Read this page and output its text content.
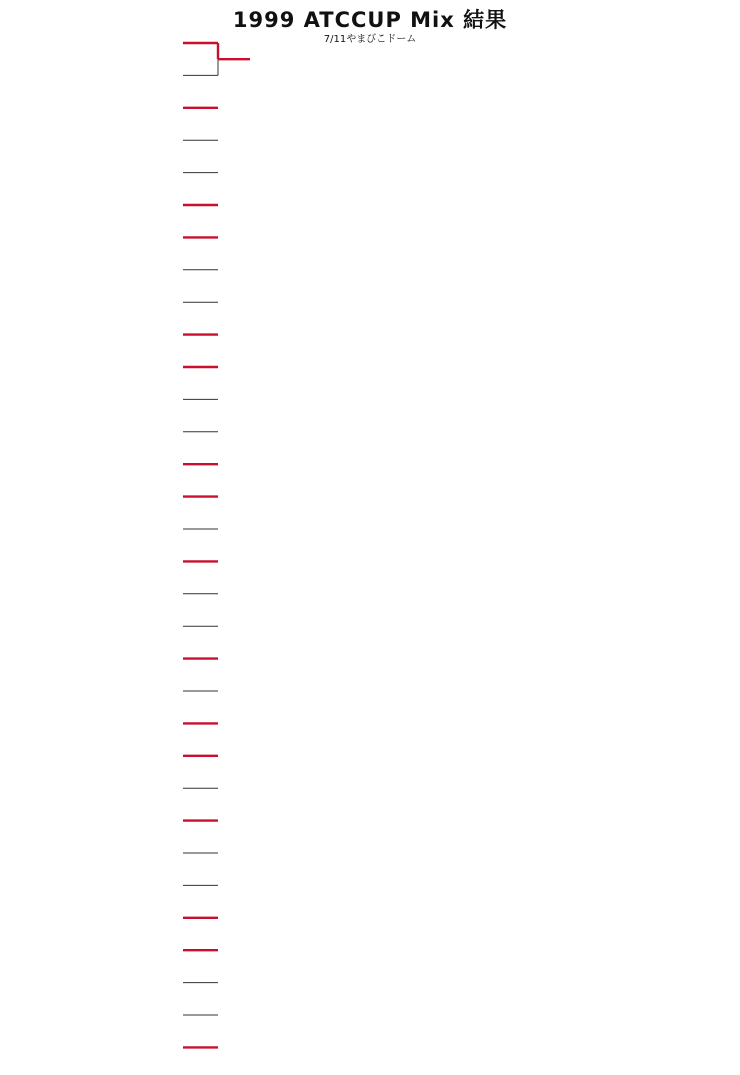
1999 ATCCUP Mix 結果
7/11やまびこドーム
